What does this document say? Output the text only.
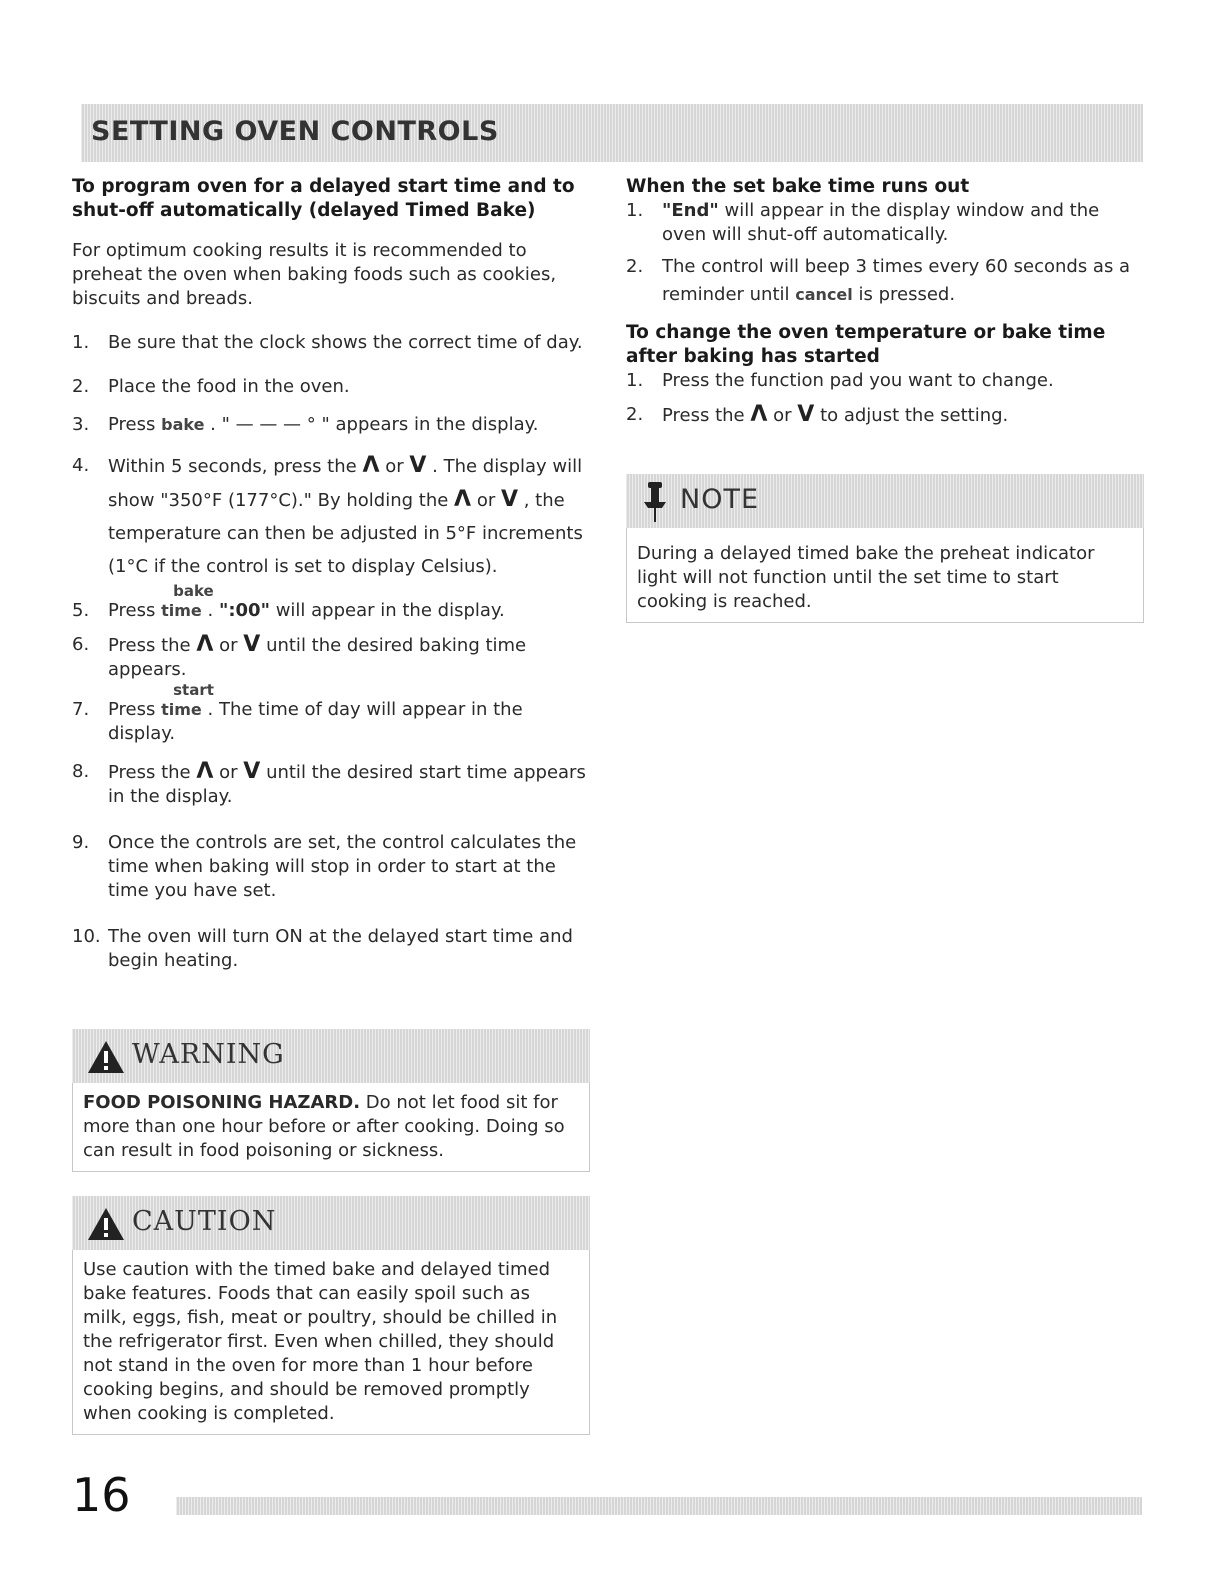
SETTING OVEN CONTROLS
To program oven for a delayed start time and to shut-off automatically (delayed Timed Bake)
For optimum cooking results it is recommended to preheat the oven when baking foods such as cookies, biscuits and breads.
1. Be sure that the clock shows the correct time of day.
2. Place the food in the oven.
3. Press bake . " — — — ° " appears in the display.
4. Within 5 seconds, press the Λ or V . The display will show "350°F (177°C)." By holding the Λ or V , the temperature can then be adjusted in 5°F increments (1°C if the control is set to display Celsius).
5. Press
bake
time . ":00" will appear in the display.
6. Press the Λ or V until the desired baking time appears.
7. Press
start
time . The time of day will appear in the display.
8. Press the Λ or V until the desired start time appears in the display.
9. Once the controls are set, the control calculates the time when baking will stop in order to start at the time you have set.
10. The oven will turn ON at the delayed start time and begin heating.
When the set bake time runs out
1. "End" will appear in the display window and the oven will shut-off automatically.
2. The control will beep 3 times every 60 seconds as a reminder until cancel is pressed.
To change the oven temperature or bake time after baking has started
1. Press the function pad you want to change.
2. Press the Λ or V to adjust the setting.
NOTE
During a delayed timed bake the preheat indicator light will not function until the set time to start cooking is reached.
WARNING
FOOD POISONING HAZARD. Do not let food sit for more than one hour before or after cooking. Doing so can result in food poisoning or sickness.
CAUTION
Use caution with the timed bake and delayed timed bake features. Foods that can easily spoil such as milk, eggs, fish, meat or poultry, should be chilled in the refrigerator first. Even when chilled, they should not stand in the oven for more than 1 hour before cooking begins, and should be removed promptly when cooking is completed.
16
